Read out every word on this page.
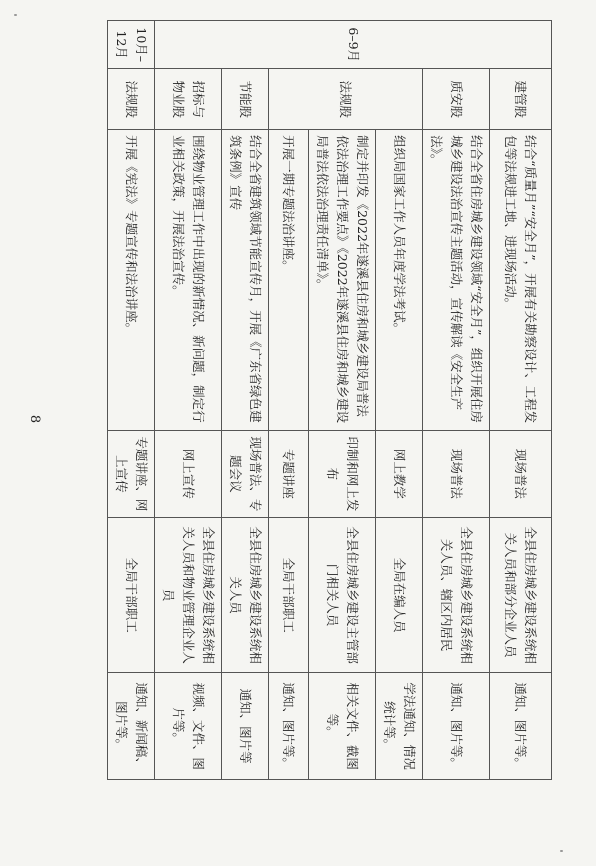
6–9月	建管股	结合“质量月”“安全月”，开展有关勘察设计、工程发包等法规进工地、进现场活动。	现场普法	全县住房城乡建设系统相关人员和部分企业人员	通知、图片等。
	质安股	结合全省住房城乡建设领域“安全月”，组织开展住房城乡建设法治宣传主题活动，宣传解读《安全生产法》。	现场普法	全县住房城乡建设系统相关人员、辖区内居民	通知、图片等。
	法规股	组织局国家工作人员年度学法考试。	网上教学	全局在编人员	学法通知、情况统计等。
		制定并印发《2022年遂溪县住房和城乡建设局普法依法治理工作要点》《2022年遂溪县住房和城乡建设局普法依法治理责任清单》。	印制和网上发布	全县住房城乡建设主管部门相关人员	相关文件、截图等。
		开展一期专题法治讲座。	专题讲座	全局干部职工	通知、图片等。
	节能股	结合全省建筑领域节能宣传月，开展《广东省绿色建筑条例》宣传	现场普法、专题会议	全县住房城乡建设系统相关人员	通知、图片等
	招标与物业股	围绕物业管理工作中出现的新情况、新问题，制定行业相关政策，开展法治宣传。	网上宣传	全县住房城乡建设系统相关人员和物业管理企业人员	视频、文件、图片等。
10月–12月	法规股	开展《宪法》专题宣传和法治讲座。	专题讲座、网上宣传	全局干部职工	通知、新闻稿、图片等。
8
